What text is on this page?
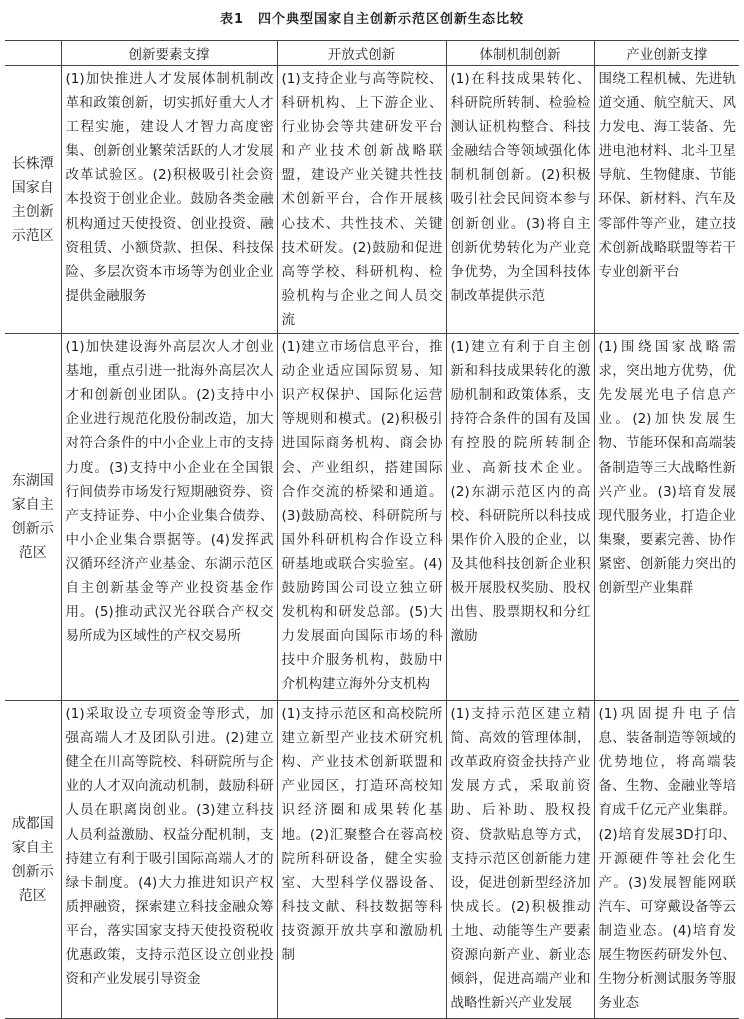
表1　四个典型国家自主创新示范区创新生态比较
	创新要素支撑	开放式创新	体制机制创新	产业创新支撑
长株潭国家自主创新示范区	(1)加快推进人才发展体制机制改革和政策创新，切实抓好重大人才工程实施，建设人才智力高度密集、创新创业繁荣活跃的人才发展改革试验区。(2)积极吸引社会资本投资于创业企业。鼓励各类金融机构通过天使投资、创业投资、融资租赁、小额贷款、担保、科技保险、多层次资本市场等为创业企业提供金融服务	(1)支持企业与高等院校、科研机构、上下游企业、行业协会等共建研发平台和产业技术创新战略联盟，建设产业关键共性技术创新平台，合作开展核心技术、共性技术、关键技术研发。(2)鼓励和促进高等学校、科研机构、检验机构与企业之间人员交流	(1)在科技成果转化、科研院所转制、检验检测认证机构整合、科技金融结合等领域强化体制机制创新。(2)积极吸引社会民间资本参与创新创业。(3)将自主创新优势转化为产业竞争优势，为全国科技体制改革提供示范	围绕工程机械、先进轨道交通、航空航天、风力发电、海工装备、先进电池材料、北斗卫星导航、生物健康、节能环保、新材料、汽车及零部件等产业，建立技术创新战略联盟等若干专业创新平台
东湖国家自主创新示范区	(1)加快建设海外高层次人才创业基地，重点引进一批海外高层次人才和创新创业团队。(2)支持中小企业进行规范化股份制改造，加大对符合条件的中小企业上市的支持力度。(3)支持中小企业在全国银行间债券市场发行短期融资券、资产支持证券、中小企业集合债券、中小企业集合票据等。(4)发挥武汉循环经济产业基金、东湖示范区自主创新基金等产业投资基金作用。(5)推动武汉光谷联合产权交易所成为区域性的产权交易所	(1)建立市场信息平台，推动企业适应国际贸易、知识产权保护、国际化运营等规则和模式。(2)积极引进国际商务机构、商会协会、产业组织，搭建国际合作交流的桥梁和通道。(3)鼓励高校、科研院所与国外科研机构合作设立科研基地或联合实验室。(4)鼓励跨国公司设立独立研发机构和研发总部。(5)大力发展面向国际市场的科技中介服务机构，鼓励中介机构建立海外分支机构	(1)建立有利于自主创新和科技成果转化的激励机制和政策体系，支持符合条件的国有及国有控股的院所转制企业、高新技术企业。(2)东湖示范区内的高校、科研院所以科技成果作价入股的企业，以及其他科技创新企业积极开展股权奖励、股权出售、股票期权和分红激励	(1)围绕国家战略需求，突出地方优势，优先发展光电子信息产业。(2)加快发展生物、节能环保和高端装备制造等三大战略性新兴产业。(3)培育发展现代服务业，打造企业集聚，要素完善、协作紧密、创新能力突出的创新型产业集群
成都国家自主创新示范区	(1)采取设立专项资金等形式，加强高端人才及团队引进。(2)建立健全在川高等院校、科研院所与企业的人才双向流动机制，鼓励科研人员在职离岗创业。(3)建立科技人员利益激励、权益分配机制，支持建立有利于吸引国际高端人才的绿卡制度。(4)大力推进知识产权质押融资，探索建立科技金融众筹平台，落实国家支持天使投资税收优惠政策，支持示范区设立创业投资和产业发展引导资金	(1)支持示范区和高校院所建立新型产业技术研究机构、产业技术创新联盟和产业园区，打造环高校知识经济圈和成果转化基地。(2)汇聚整合在蓉高校院所科研设备，健全实验室、大型科学仪器设备、科技文献、科技数据等科技资源开放共享和激励机制	(1)支持示范区建立精简、高效的管理体制，改革政府资金扶持产业发展方式，采取前资助、后补助、股权投资、贷款贴息等方式，支持示范区创新能力建设，促进创新型经济加快成长。(2)积极推动土地、动能等生产要素资源向新产业、新业态倾斜，促进高端产业和战略性新兴产业发展	(1)巩固提升电子信息、装备制造等领域的优势地位，将高端装备、生物、金融业等培育成千亿元产业集群。(2)培育发展3D打印、开源硬件等社会化生产。(3)发展智能网联汽车、可穿戴设备等云制造业态。(4)培育发展生物医药研发外包、生物分析测试服务等服务业态
